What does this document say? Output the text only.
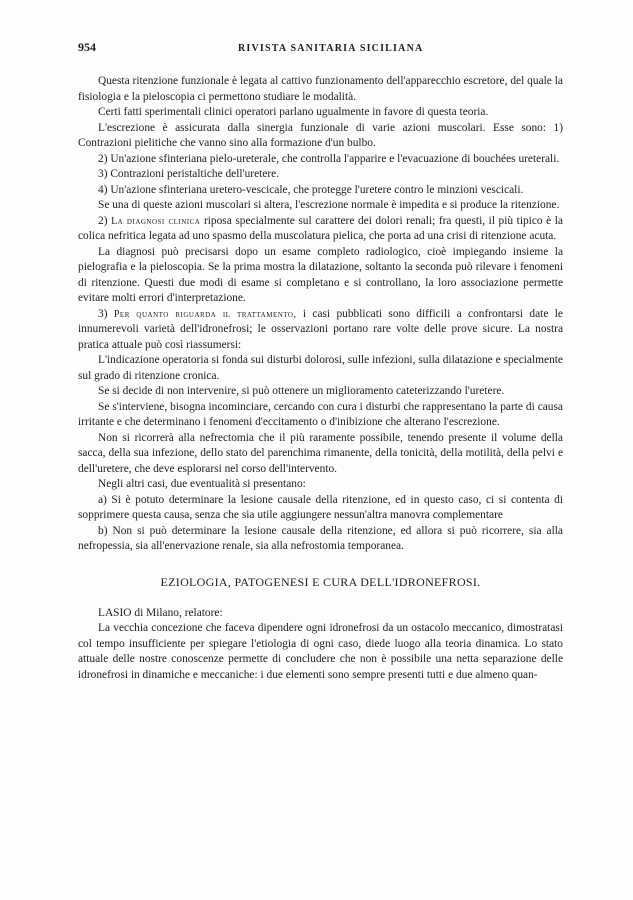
954	RIVISTA SANITARIA SICILIANA

Questa ritenzione funzionale è legata al cattivo funzionamento dell'apparecchio escretore, del quale la fisiologia e la pieloscopia ci permettono studiare le modalità.

Certi fatti sperimentali clinici operatori parlano ugualmente in favore di questa teoria.

L'escrezione è assicurata dalla sinergia funzionale di varie azioni muscolari. Esse sono: 1) Contrazioni pielitiche che vanno sino alla formazione d'un bulbo.

2) Un'azione sfinteriana pielo-ureterale, che controlla l'apparire e l'evacuazione di bouchées ureterali.

3) Contrazioni peristaltiche dell'uretere.

4) Un'azione sfinteriana uretero-vescicale, che protegge l'uretere contro le minzioni vescicali.

Se una di queste azioni muscolari si altera, l'escrezione normale è impedita e si produce la ritenzione.

2) La diagnosi clinica riposa specialmente sul carattere dei dolori renali; fra questi, il più tipico è la colica nefritica legata ad uno spasmo della muscolatura pielica, che porta ad una crisi di ritenzione acuta.

La diagnosi può precisarsi dopo un esame completo radiologico, cioè impiegando insieme la pielografia e la pieloscopia. Se la prima mostra la dilatazione, soltanto la seconda può rilevare i fenomeni di ritenzione. Questi due modi di esame si completano e si controllano, la loro associazione permette evitare molti errori d'interpretazione.

3) Per quanto riguarda il trattamento, i casi pubblicati sono difficili a confrontarsi date le innumerevoli varietà dell'idronefrosi; le osservazioni portano rare volte delle prove sicure. La nostra pratica attuale può così riassumersi:

L'indicazione operatoria si fonda sui disturbi dolorosi, sulle infezioni, sulla dilatazione e specialmente sul grado di ritenzione cronica.

Se si decide di non intervenire, si può ottenere un miglioramento cateterizzando l'uretere.

Se s'interviene, bisogna incominciare, cercando con cura i disturbi che rappresentano la parte di causa irritante e che determinano i fenomeni d'eccitamento o d'inibizione che alterano l'escrezione.

Non si ricorrerà alla nefrectomia che il più raramente possibile, tenendo presente il volume della sacca, della sua infezione, dello stato del parenchima rimanente, della tonicità, della motilità, della pelvi e dell'uretere, che deve esplorarsi nel corso dell'intervento.

Negli altri casi, due eventualità si presentano:

a) Si è potuto determinare la lesione causale della ritenzione, ed in questo caso, ci si contenta di sopprimere questa causa, senza che sia utile aggiungere nessun'altra manovra complementare

b) Non si può determinare la lesione causale della ritenzione, ed allora si può ricorrere, sia alla nefropessia, sia all'enervazione renale, sia alla nefrostomia temporanea.

EZIOLOGIA, PATOGENESI E CURA DELL'IDRONEFROSI.

LASIO di Milano, relatore:

La vecchia concezione che faceva dipendere ogni idronefrosi da un ostacolo meccanico, dimostratasi col tempo insufficiente per spiegare l'etiologia di ogni caso, diede luogo alla teoria dinamica. Lo stato attuale delle nostre conoscenze permette di concludere che non è possibile una netta separazione delle idronefrosi in dinamiche e meccaniche: i due elementi sono sempre presenti tutti e due almeno quan-
